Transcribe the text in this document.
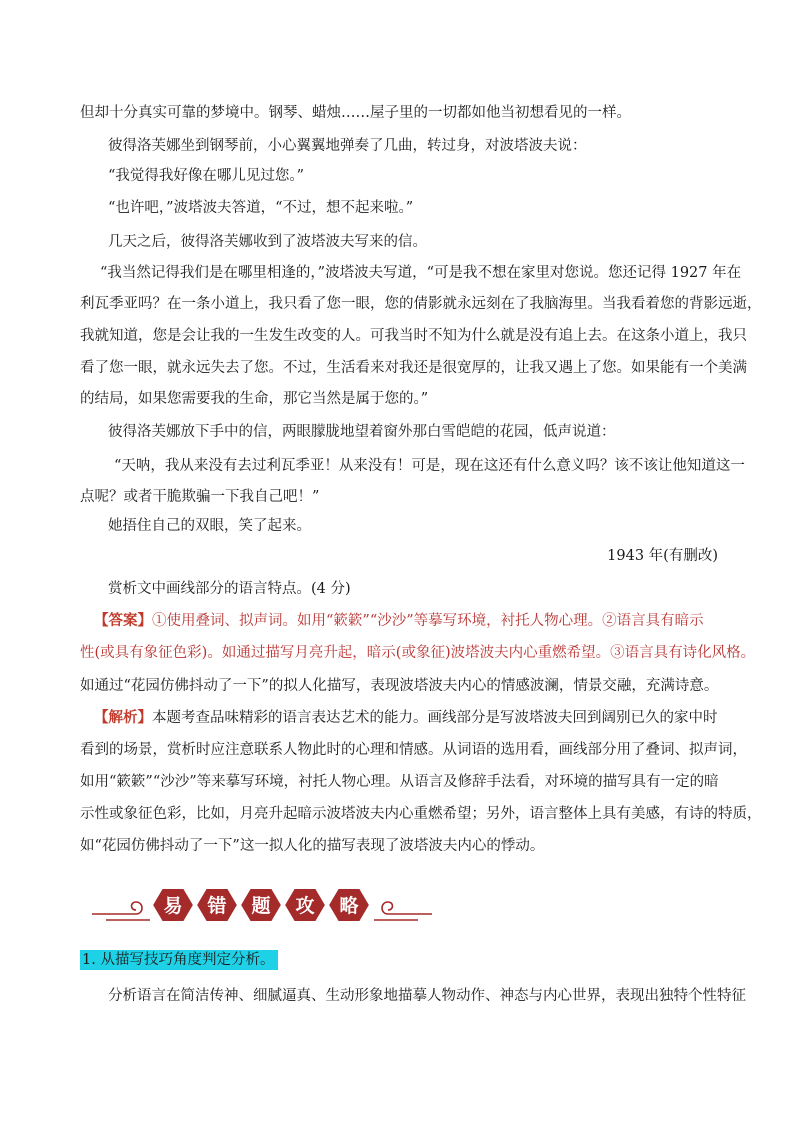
但却十分真实可靠的梦境中。钢琴、蜡烛……屋子里的一切都如他当初想看见的一样。
彼得洛芙娜坐到钢琴前，小心翼翼地弹奏了几曲，转过身，对波塔波夫说：
“我觉得我好像在哪儿见过您。”
“也许吧，”波塔波夫答道，“不过，想不起来啦。”
几天之后，彼得洛芙娜收到了波塔波夫写来的信。
“我当然记得我们是在哪里相逢的，”波塔波夫写道，“可是我不想在家里对您说。您还记得 1927 年在
利瓦季亚吗？在一条小道上，我只看了您一眼，您的倩影就永远刻在了我脑海里。当我看着您的背影远逝，
我就知道，您是会让我的一生发生改变的人。可我当时不知为什么就是没有追上去。在这条小道上，我只
看了您一眼，就永远失去了您。不过，生活看来对我还是很宽厚的，让我又遇上了您。如果能有一个美满
的结局，如果您需要我的生命，那它当然是属于您的。”
彼得洛芙娜放下手中的信，两眼朦胧地望着窗外那白雪皑皑的花园，低声说道：
“天呐，我从来没有去过利瓦季亚！从来没有！可是，现在这还有什么意义吗？该不该让他知道这一
点呢？或者干脆欺骗一下我自己吧！”
她捂住自己的双眼，笑了起来。
1943 年(有删改)
赏析文中画线部分的语言特点。(4 分)
【答案】①使用叠词、拟声词。如用“簌簌”“沙沙”等摹写环境，衬托人物心理。②语言具有暗示
性(或具有象征色彩)。如通过描写月亮升起，暗示(或象征)波塔波夫内心重燃希望。③语言具有诗化风格。
如通过“花园仿佛抖动了一下”的拟人化描写，表现波塔波夫内心的情感波澜，情景交融，充满诗意。
【解析】本题考查品味精彩的语言表达艺术的能力。画线部分是写波塔波夫回到阔别已久的家中时
看到的场景，赏析时应注意联系人物此时的心理和情感。从词语的选用看，画线部分用了叠词、拟声词，
如用“簌簌”“沙沙”等来摹写环境，衬托人物心理。从语言及修辞手法看，对环境的描写具有一定的暗
示性或象征色彩，比如，月亮升起暗示波塔波夫内心重燃希望；另外，语言整体上具有美感，有诗的特质，
如“花园仿佛抖动了一下”这一拟人化的描写表现了波塔波夫内心的悸动。
易 错 题 攻 略
1. 从描写技巧角度判定分析。
分析语言在简洁传神、细腻逼真、生动形象地描摹人物动作、神态与内心世界，表现出独特个性特征
